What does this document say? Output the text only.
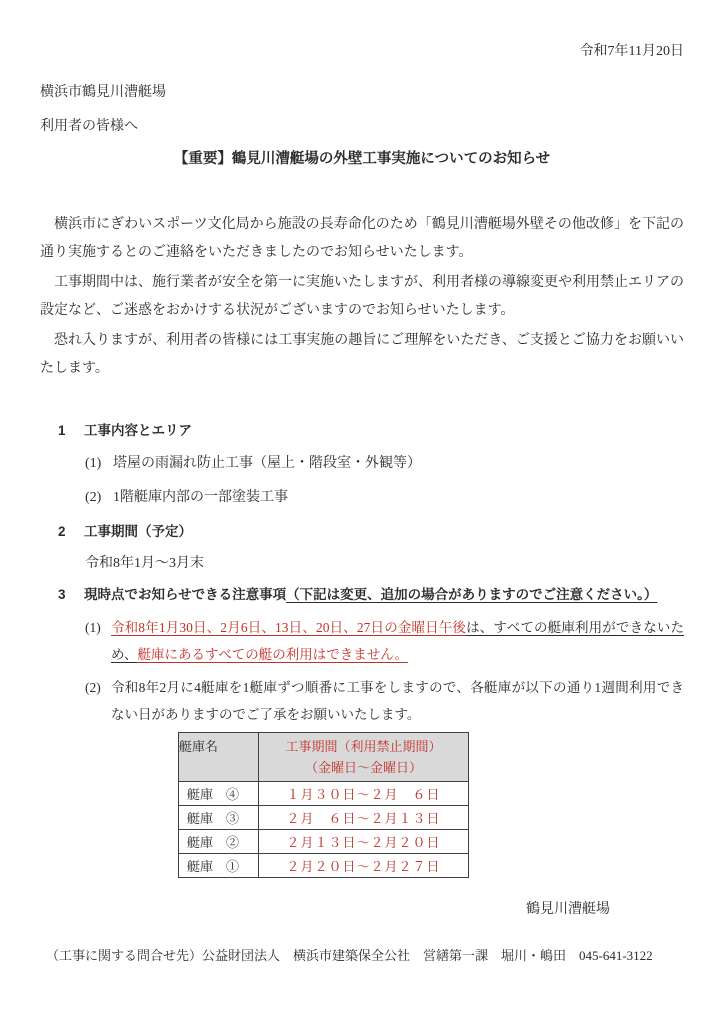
令和7年11月20日
横浜市鶴見川漕艇場
利用者の皆様へ
【重要】鶴見川漕艇場の外壁工事実施についてのお知らせ

横浜市にぎわいスポーツ文化局から施設の長寿命化のため「鶴見川漕艇場外壁その他改修」を下記の通り実施するとのご連絡をいただきましたのでお知らせいたします。

工事期間中は、施行業者が安全を第一に実施いたしますが、利用者様の導線変更や利用禁止エリアの設定など、ご迷惑をおかけする状況がございますのでお知らせいたします。

恐れ入りますが、利用者の皆様には工事実施の趣旨にご理解をいただき、ご支援とご協力をお願いいたします。

1	工事内容とエリア
(1) 塔屋の雨漏れ防止工事（屋上・階段室・外観等）
(2) 1階艇庫内部の一部塗装工事
2	工事期間（予定）
令和8年1月～3月末
3	現時点でお知らせできる注意事項（下記は変更、追加の場合がありますのでご注意ください。）
(1) 令和8年1月30日、2月6日、13日、20日、27日の金曜日午後は、すべての艇庫利用ができないため、艇庫にあるすべての艇の利用はできません。
(2) 令和8年2月に4艇庫を1艇庫ずつ順番に工事をしますので、各艇庫が以下の通り1週間利用できない日がありますのでご了承をお願いいたします。
艇庫名	工事期間（利用禁止期間）
（金曜日～金曜日）

艇庫　④	１月３０日～２月　６日
艇庫　③	２月　６日～２月１３日
艇庫　②	２月１３日～２月２０日
艇庫　①	２月２０日～２月２７日
鶴見川漕艇場
（工事に関する問合せ先）公益財団法人　横浜市建築保全公社　営繕第一課　堀川・嶋田　045-641-3122
